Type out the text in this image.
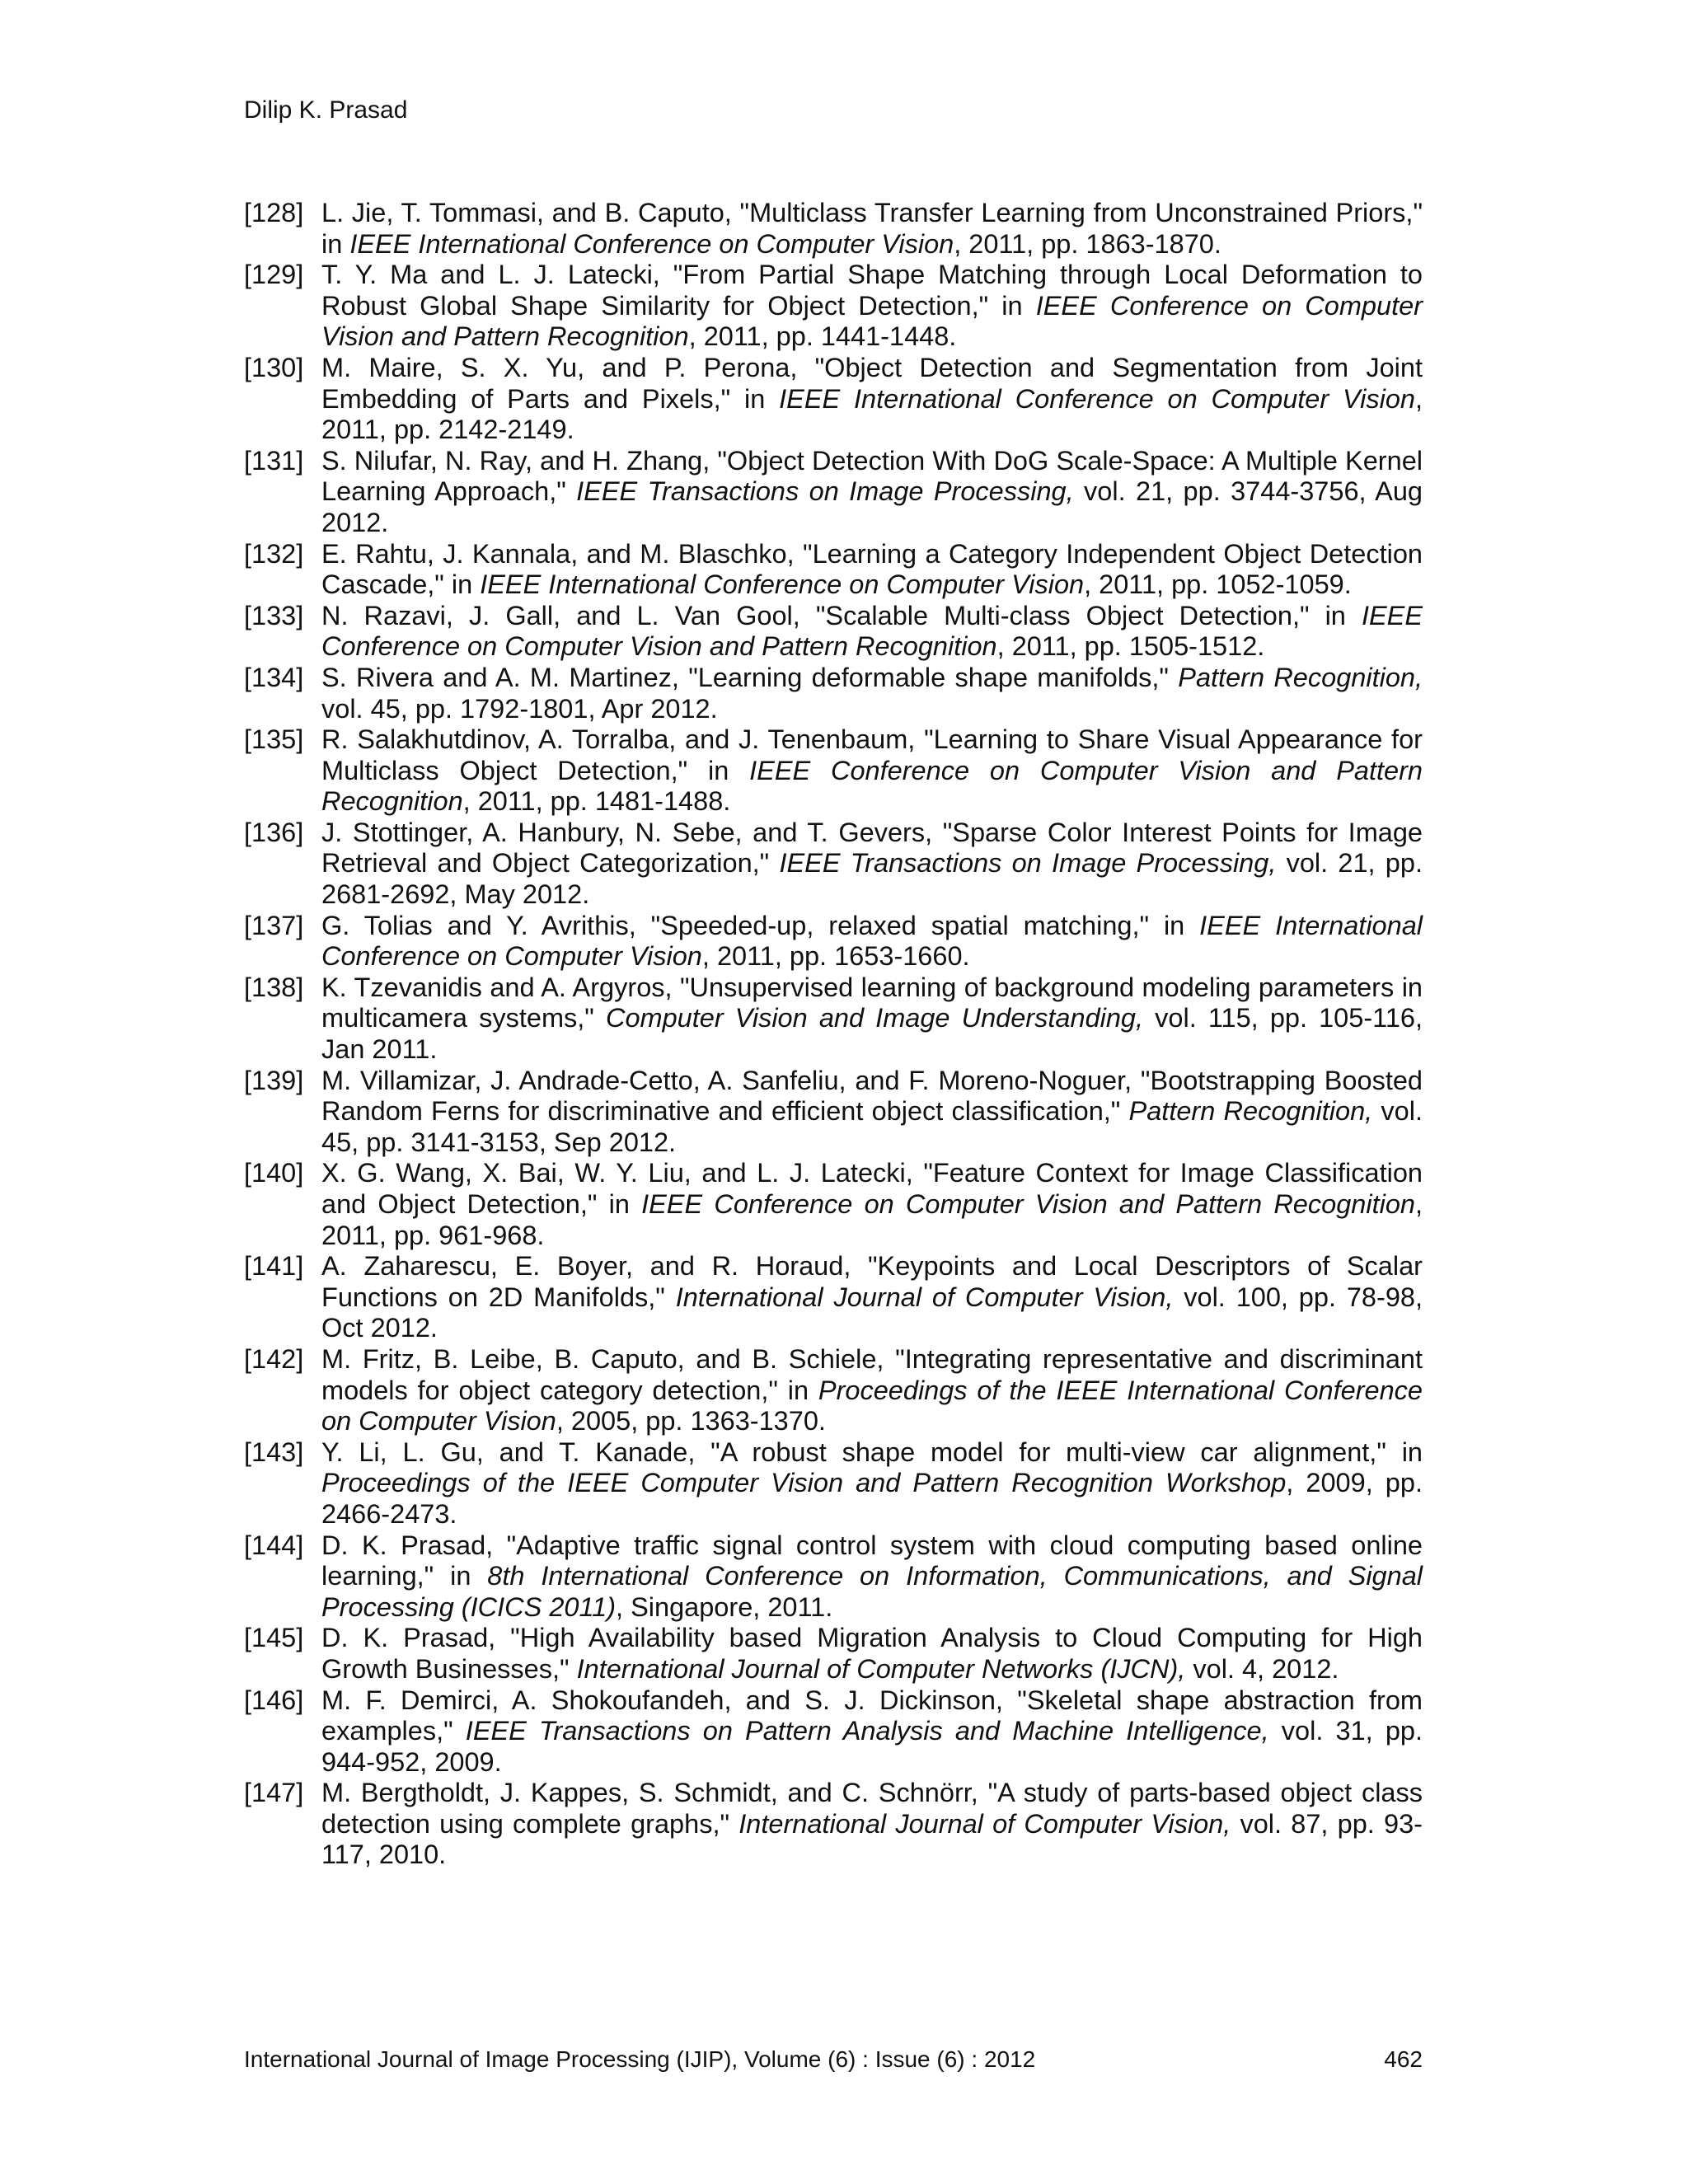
Dilip K. Prasad
[128] L. Jie, T. Tommasi, and B. Caputo, "Multiclass Transfer Learning from Unconstrained Priors," in IEEE International Conference on Computer Vision, 2011, pp. 1863-1870.
[129] T. Y. Ma and L. J. Latecki, "From Partial Shape Matching through Local Deformation to Robust Global Shape Similarity for Object Detection," in IEEE Conference on Computer Vision and Pattern Recognition, 2011, pp. 1441-1448.
[130] M. Maire, S. X. Yu, and P. Perona, "Object Detection and Segmentation from Joint Embedding of Parts and Pixels," in IEEE International Conference on Computer Vision, 2011, pp. 2142-2149.
[131] S. Nilufar, N. Ray, and H. Zhang, "Object Detection With DoG Scale-Space: A Multiple Kernel Learning Approach," IEEE Transactions on Image Processing, vol. 21, pp. 3744-3756, Aug 2012.
[132] E. Rahtu, J. Kannala, and M. Blaschko, "Learning a Category Independent Object Detection Cascade," in IEEE International Conference on Computer Vision, 2011, pp. 1052-1059.
[133] N. Razavi, J. Gall, and L. Van Gool, "Scalable Multi-class Object Detection," in IEEE Conference on Computer Vision and Pattern Recognition, 2011, pp. 1505-1512.
[134] S. Rivera and A. M. Martinez, "Learning deformable shape manifolds," Pattern Recognition, vol. 45, pp. 1792-1801, Apr 2012.
[135] R. Salakhutdinov, A. Torralba, and J. Tenenbaum, "Learning to Share Visual Appearance for Multiclass Object Detection," in IEEE Conference on Computer Vision and Pattern Recognition, 2011, pp. 1481-1488.
[136] J. Stottinger, A. Hanbury, N. Sebe, and T. Gevers, "Sparse Color Interest Points for Image Retrieval and Object Categorization," IEEE Transactions on Image Processing, vol. 21, pp. 2681-2692, May 2012.
[137] G. Tolias and Y. Avrithis, "Speeded-up, relaxed spatial matching," in IEEE International Conference on Computer Vision, 2011, pp. 1653-1660.
[138] K. Tzevanidis and A. Argyros, "Unsupervised learning of background modeling parameters in multicamera systems," Computer Vision and Image Understanding, vol. 115, pp. 105-116, Jan 2011.
[139] M. Villamizar, J. Andrade-Cetto, A. Sanfeliu, and F. Moreno-Noguer, "Bootstrapping Boosted Random Ferns for discriminative and efficient object classification," Pattern Recognition, vol. 45, pp. 3141-3153, Sep 2012.
[140] X. G. Wang, X. Bai, W. Y. Liu, and L. J. Latecki, "Feature Context for Image Classification and Object Detection," in IEEE Conference on Computer Vision and Pattern Recognition, 2011, pp. 961-968.
[141] A. Zaharescu, E. Boyer, and R. Horaud, "Keypoints and Local Descriptors of Scalar Functions on 2D Manifolds," International Journal of Computer Vision, vol. 100, pp. 78-98, Oct 2012.
[142] M. Fritz, B. Leibe, B. Caputo, and B. Schiele, "Integrating representative and discriminant models for object category detection," in Proceedings of the IEEE International Conference on Computer Vision, 2005, pp. 1363-1370.
[143] Y. Li, L. Gu, and T. Kanade, "A robust shape model for multi-view car alignment," in Proceedings of the IEEE Computer Vision and Pattern Recognition Workshop, 2009, pp. 2466-2473.
[144] D. K. Prasad, "Adaptive traffic signal control system with cloud computing based online learning," in 8th International Conference on Information, Communications, and Signal Processing (ICICS 2011), Singapore, 2011.
[145] D. K. Prasad, "High Availability based Migration Analysis to Cloud Computing for High Growth Businesses," International Journal of Computer Networks (IJCN), vol. 4, 2012.
[146] M. F. Demirci, A. Shokoufandeh, and S. J. Dickinson, "Skeletal shape abstraction from examples," IEEE Transactions on Pattern Analysis and Machine Intelligence, vol. 31, pp. 944-952, 2009.
[147] M. Bergtholdt, J. Kappes, S. Schmidt, and C. Schnörr, "A study of parts-based object class detection using complete graphs," International Journal of Computer Vision, vol. 87, pp. 93-117, 2010.
International Journal of Image Processing (IJIP), Volume (6) : Issue (6) : 2012	462
